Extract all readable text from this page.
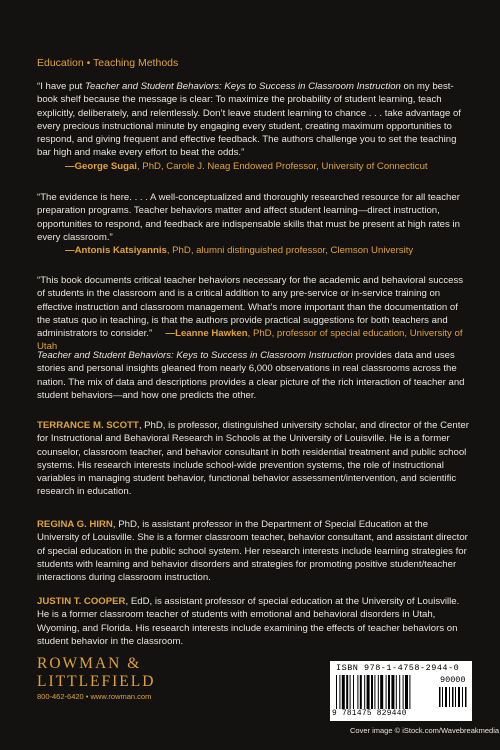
Education • Teaching Methods

“I have put Teacher and Student Behaviors: Keys to Success in Classroom Instruction on my best-book shelf because the message is clear: To maximize the probability of student learning, teach explicitly, deliberately, and relentlessly. Don’t leave student learning to chance . . . take advantage of every precious instructional minute by engaging every student, creating maximum opportunities to respond, and giving frequent and effective feedback. The authors challenge you to set the teaching bar high and make every effort to beat the odds.”

—George Sugai, PhD, Carole J. Neag Endowed Professor, University of Connecticut

“The evidence is here. . . . A well-conceptualized and thoroughly researched resource for all teacher preparation programs. Teacher behaviors matter and affect student learning—direct instruction, opportunities to respond, and feedback are indispensable skills that must be present at high rates in every classroom.”

—Antonis Katsiyannis, PhD, alumni distinguished professor, Clemson University

“This book documents critical teacher behaviors necessary for the academic and behavioral success of students in the classroom and is a critical addition to any pre-service or in-service training on effective instruction and classroom management. What’s more important than the documentation of the status quo in teaching, is that the authors provide practical suggestions for both teachers and administrators to consider.” —Leanne Hawken, PhD, professor of special education, University of Utah

Teacher and Student Behaviors: Keys to Success in Classroom Instruction provides data and uses stories and personal insights gleaned from nearly 6,000 observations in real classrooms across the nation. The mix of data and descriptions provides a clear picture of the rich interaction of teacher and student behaviors—and how one predicts the other.

TERRANCE M. SCOTT, PhD, is professor, distinguished university scholar, and director of the Center for Instructional and Behavioral Research in Schools at the University of Louisville. He is a former counselor, classroom teacher, and behavior consultant in both residential treatment and public school systems. His research interests include school-wide prevention systems, the role of instructional variables in managing student behavior, functional behavior assessment/intervention, and scientific research in education.

REGINA G. HIRN, PhD, is assistant professor in the Department of Special Education at the University of Louisville. She is a former classroom teacher, behavior consultant, and assistant director of special education in the public school system. Her research interests include learning strategies for students with learning and behavior disorders and strategies for promoting positive student/teacher interactions during classroom instruction.

JUSTIN T. COOPER, EdD, is assistant professor of special education at the University of Louisville. He is a former classroom teacher of students with emotional and behavioral disorders in Utah, Wyoming, and Florida. His research interests include examining the effects of teacher behaviors on student behavior in the classroom.

ROWMAN &
LITTLEFIELD
800-462-6420 • www.rowman.com
ISBN 978-1-4758-2944-0
90000
9 781475 829440
Cover image © iStock.com/Wavebreakmedia
